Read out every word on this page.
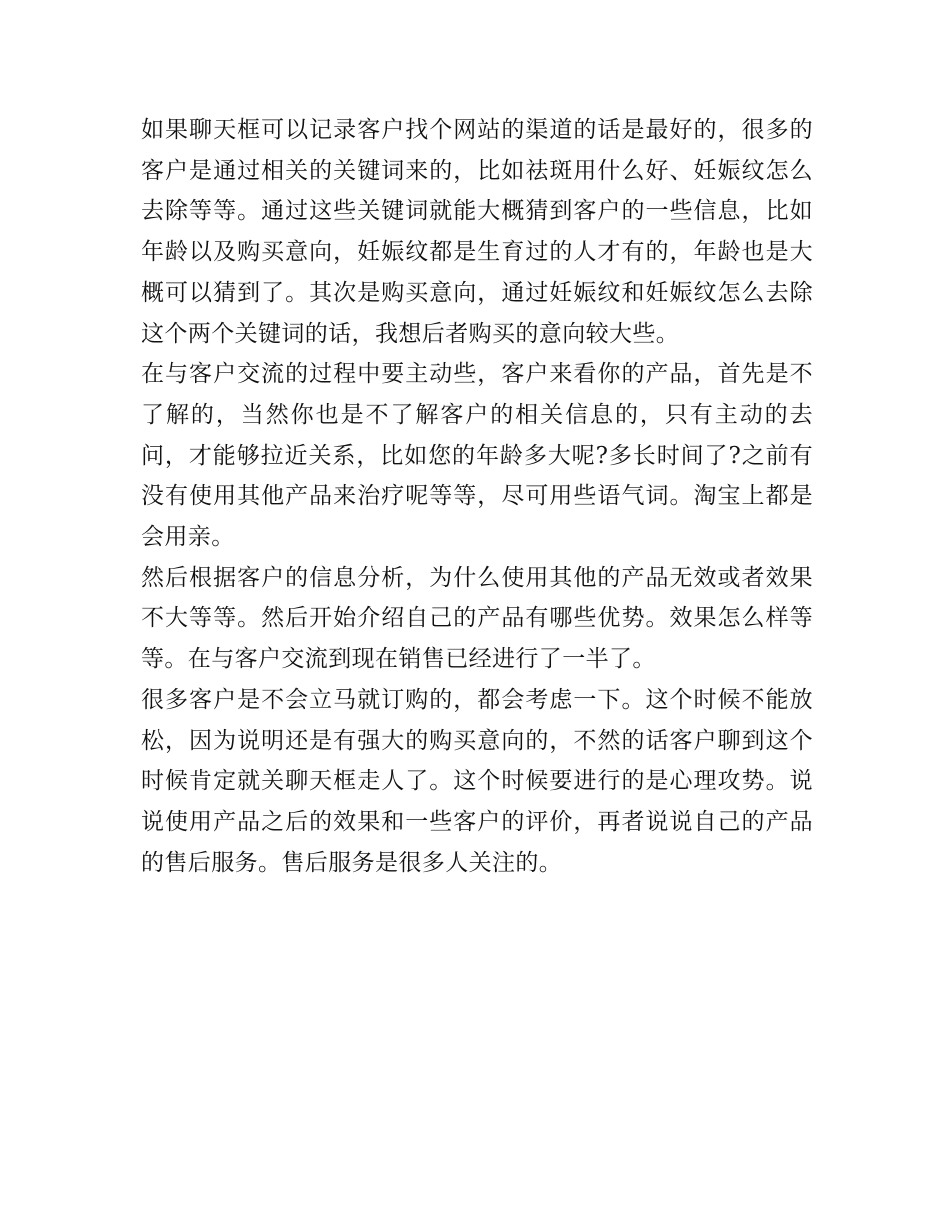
如果聊天框可以记录客户找个网站的渠道的话是最好的，很多的客户是通过相关的关键词来的，比如祛斑用什么好、妊娠纹怎么去除等等。通过这些关键词就能大概猜到客户的一些信息，比如年龄以及购买意向，妊娠纹都是生育过的人才有的，年龄也是大概可以猜到了。其次是购买意向，通过妊娠纹和妊娠纹怎么去除这个两个关键词的话，我想后者购买的意向较大些。

在与客户交流的过程中要主动些，客户来看你的产品，首先是不了解的，当然你也是不了解客户的相关信息的，只有主动的去问，才能够拉近关系，比如您的年龄多大呢?多长时间了?之前有没有使用其他产品来治疗呢等等，尽可用些语气词。淘宝上都是会用亲。

然后根据客户的信息分析，为什么使用其他的产品无效或者效果不大等等。然后开始介绍自己的产品有哪些优势。效果怎么样等等。在与客户交流到现在销售已经进行了一半了。

很多客户是不会立马就订购的，都会考虑一下。这个时候不能放松，因为说明还是有强大的购买意向的，不然的话客户聊到这个时候肯定就关聊天框走人了。这个时候要进行的是心理攻势。说说使用产品之后的效果和一些客户的评价，再者说说自己的产品的售后服务。售后服务是很多人关注的。
